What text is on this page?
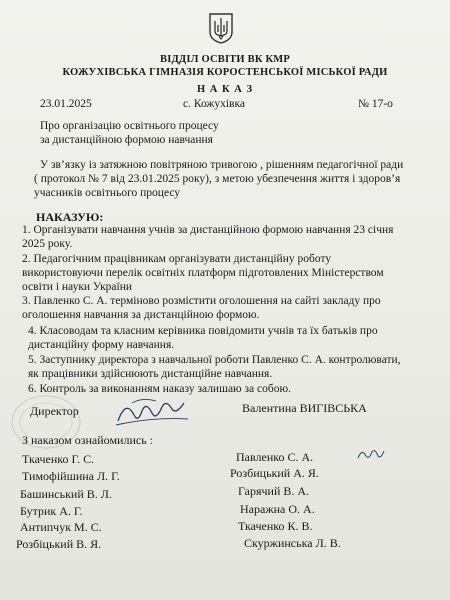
ВІДДІЛ ОСВІТИ ВК КМР
КОЖУХІВСЬКА ГІМНАЗІЯ КОРОСТЕНСЬКОЇ МІСЬКОЇ РАДИ
Н А К А З
23.01.2025	с. Кожухівка	№ 17-о
Про організацію освітнього процесу
за дистанційною формою навчання
У зв’язку із затяжною повітряною тривогою , рішенням педагогічної ради
( протокол № 7 від 23.01.2025 року), з метою убезпечення життя і здоров’я
учасників освітнього процесу
НАКАЗУЮ:
1. Організувати навчання учнів за дистанційною формою навчання 23 січня
2025 року.
2. Педагогічним працівникам організувати дистанційну роботу
використовуючи перелік освітніх платформ підготовлених Міністерством
освіти і науки України
3. Павленко С. А. терміново розмістити оголошення на сайті закладу про
оголошення навчання за дистанційною формою.
4. Класоводам та класним керівника повідомити учнів та їх батьків про
дистанційну форму навчання.
5. Заступнику директора з навчальної роботи Павленко С. А. контролювати,
як працівники здійснюють дистанційне навчання.
6. Контроль за виконанням наказу залишаю за собою.
Директор	Валентина ВИГІВСЬКА
З наказом ознайомились :
Ткаченко Г. С.
Тимофійшина Л. Г.
Башинський В. Л.
Бутрик А. Г.
Антипчук М. С.
Розбіцький В. Я.
Павленко С. А.
Розбицький А. Я.
Гарячий В. А.
Наражна О. А.
Ткаченко К. В.
Скуржинська Л. В.
